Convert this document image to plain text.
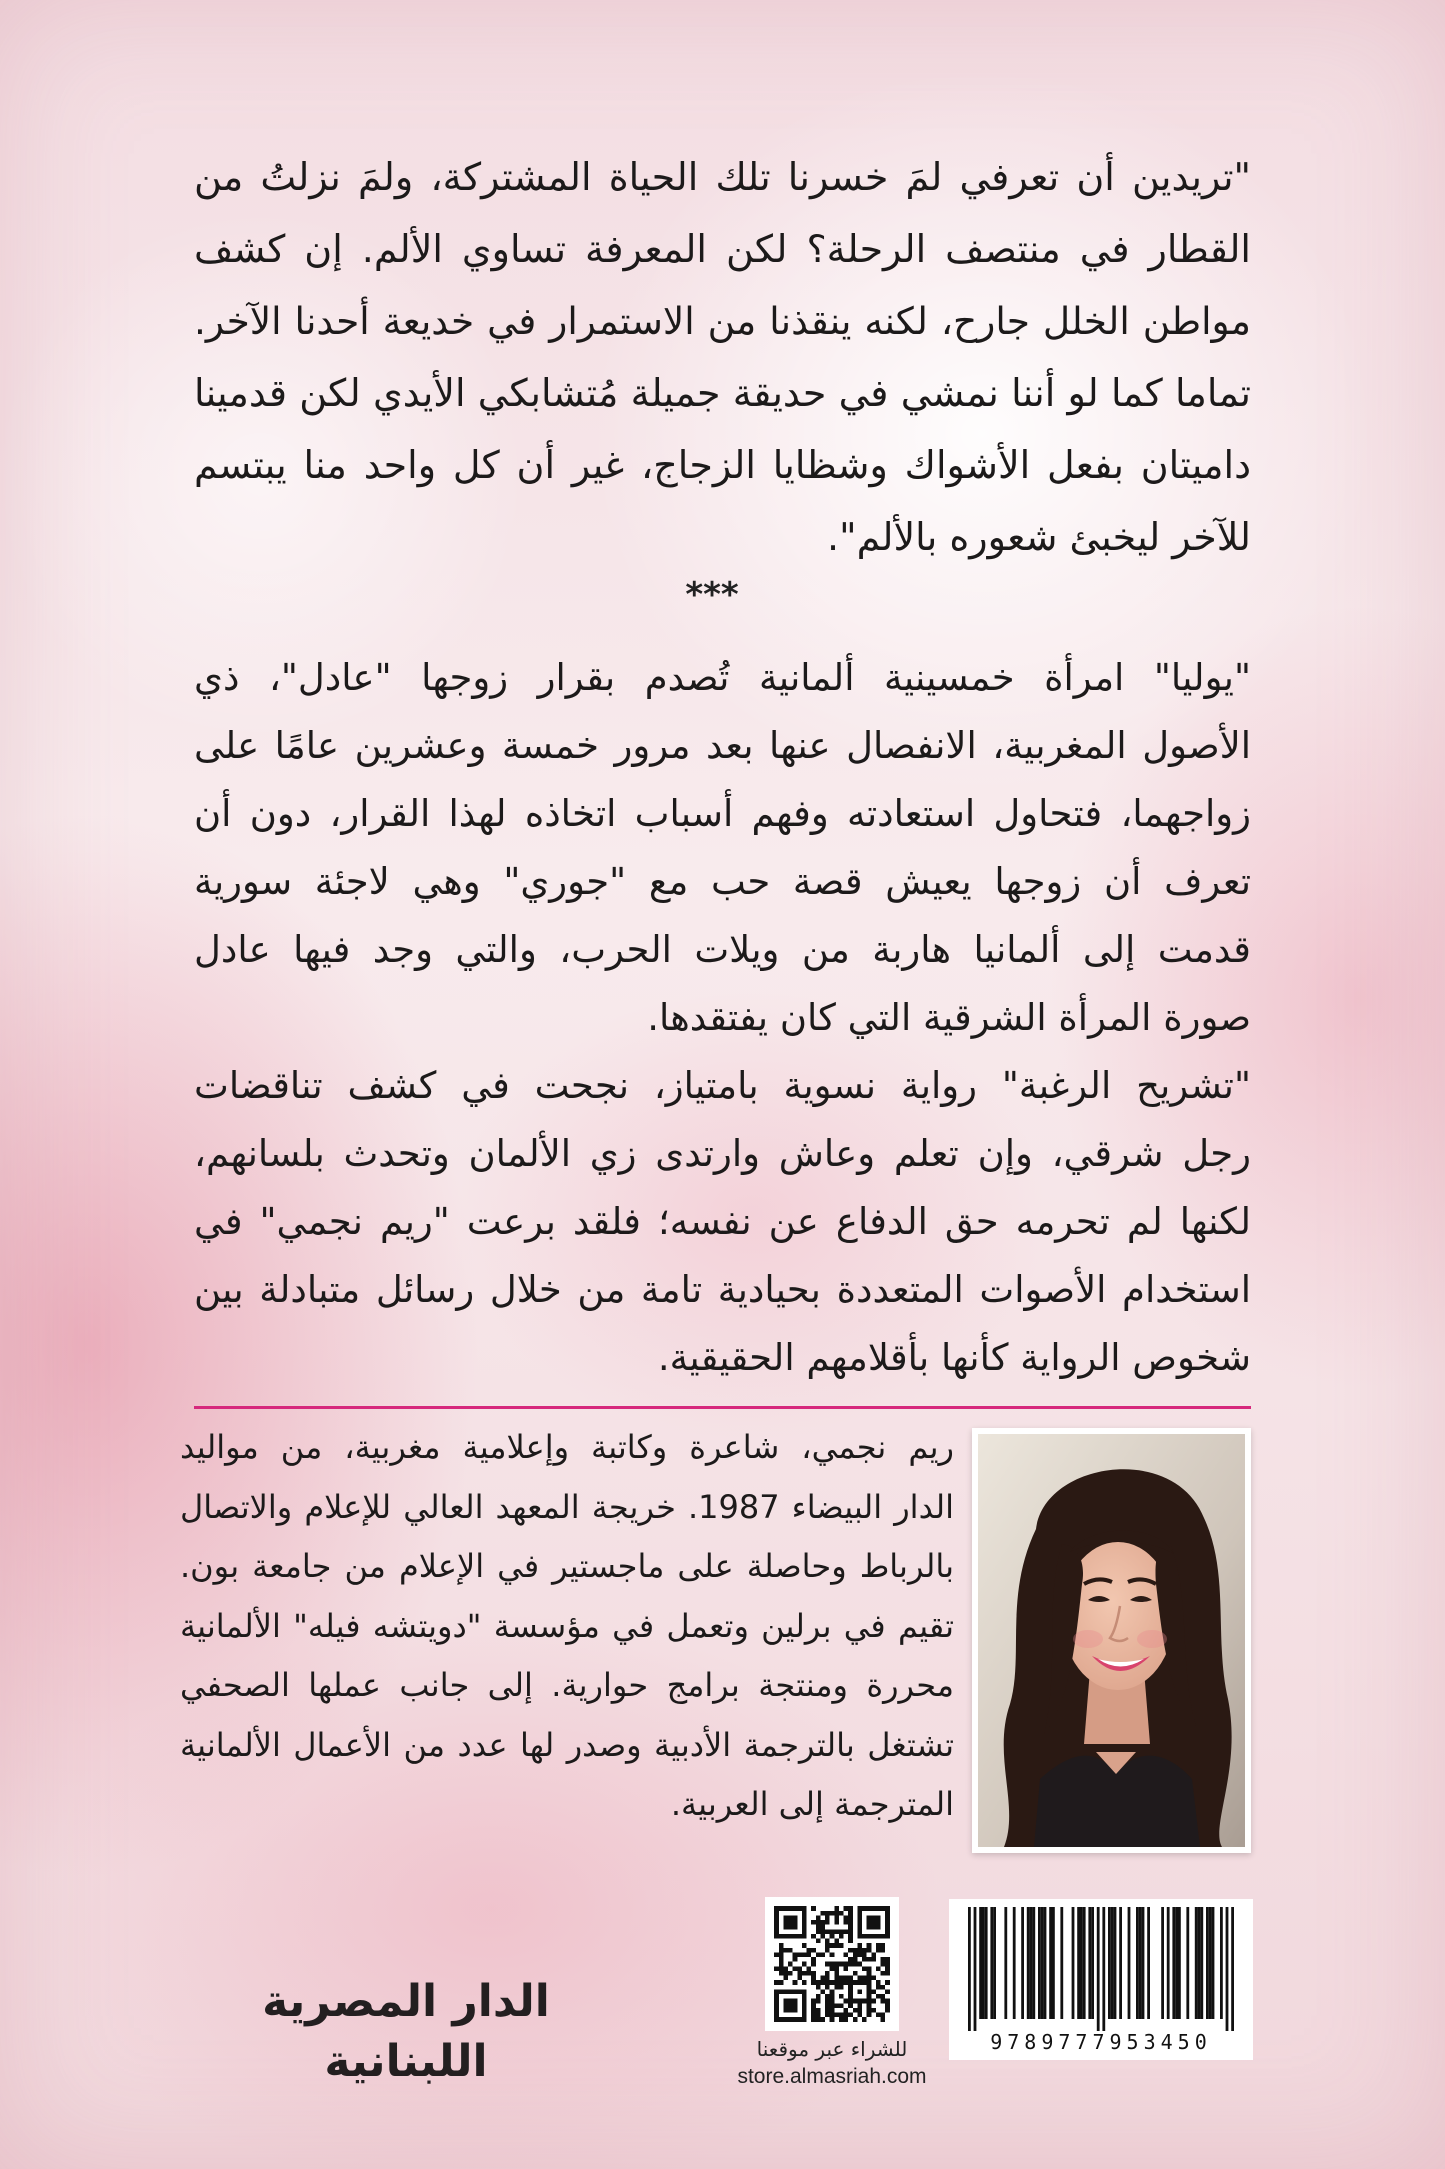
"تريدين أن تعرفي لمَ خسرنا تلك الحياة المشتركة، ولمَ نزلتُ من
القطار في منتصف الرحلة؟ لكن المعرفة تساوي الألم. إن كشف
مواطن الخلل جارح، لكنه ينقذنا من الاستمرار في خديعة أحدنا الآخر.
تماما كما لو أننا نمشي في حديقة جميلة مُتشابكي الأيدي لكن قدمينا
داميتان بفعل الأشواك وشظايا الزجاج، غير أن كل واحد منا يبتسم
للآخر ليخبئ شعوره بالألم".
***
"يوليا" امرأة خمسينية ألمانية تُصدم بقرار زوجها "عادل"، ذي
الأصول المغربية، الانفصال عنها بعد مرور خمسة وعشرين عامًا على
زواجهما، فتحاول استعادته وفهم أسباب اتخاذه لهذا القرار، دون أن
تعرف أن زوجها يعيش قصة حب مع "جوري" وهي لاجئة سورية
قدمت إلى ألمانيا هاربة من ويلات الحرب، والتي وجد فيها عادل
صورة المرأة الشرقية التي كان يفتقدها.
"تشريح الرغبة" رواية نسوية بامتياز، نجحت في كشف تناقضات
رجل شرقي، وإن تعلم وعاش وارتدى زي الألمان وتحدث بلسانهم،
لكنها لم تحرمه حق الدفاع عن نفسه؛ فلقد برعت "ريم نجمي" في
استخدام الأصوات المتعددة بحيادية تامة من خلال رسائل متبادلة بين
شخوص الرواية كأنها بأقلامهم الحقيقية.
ريم نجمي، شاعرة وكاتبة وإعلامية مغربية، من مواليد
الدار البيضاء 1987. خريجة المعهد العالي للإعلام والاتصال
بالرباط وحاصلة على ماجستير في الإعلام من جامعة بون.
تقيم في برلين وتعمل في مؤسسة "دويتشه فيله" الألمانية
محررة ومنتجة برامج حوارية. إلى جانب عملها الصحفي
تشتغل بالترجمة الأدبية وصدر لها عدد من الأعمال الألمانية
المترجمة إلى العربية.
9789777953450
للشراء عبر موقعنا
store.almasriah.com
الدار المصرية اللبنانية
